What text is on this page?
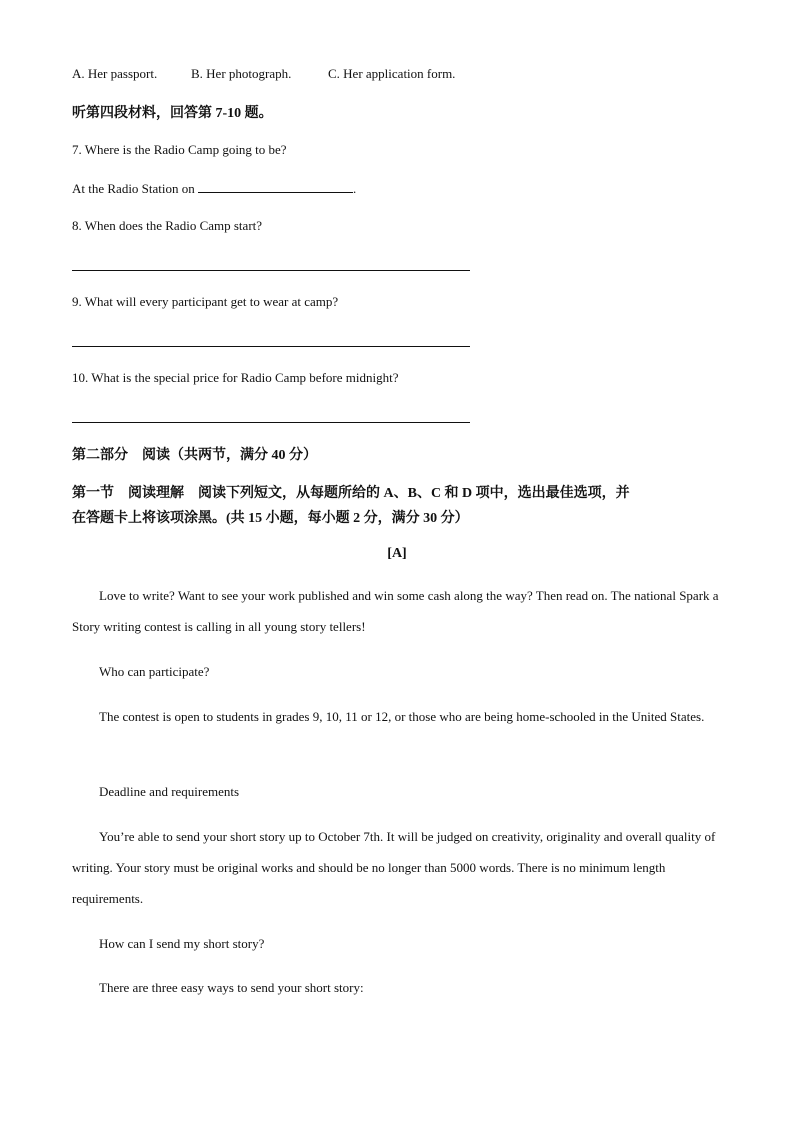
A. Her passport.	B. Her photograph.	C. Her application form.
听第四段材料，回答第 7-10 题。
7. Where is the Radio Camp going to be?
At the Radio Station on	.
8. When does the Radio Camp start?
9. What will every participant get to wear at camp?
10. What is the special price for Radio Camp before midnight?
第二部分　阅读（共两节，满分 40 分）
第一节　阅读理解　阅读下列短文，从每题所给的 A、B、C 和 D 项中，选出最佳选项，并
在答题卡上将该项涂黑。(共 15 小题，每小题 2 分，满分 30 分）
[A]

Love to write? Want to see your work published and win some cash along the way? Then read on. The national Spark a Story writing contest is calling in all young story tellers!

Who can participate?

The contest is open to students in grades 9, 10, 11 or 12, or those who are being home-schooled in the United States.

Deadline and requirements

You’re able to send your short story up to October 7th. It will be judged on creativity, originality and overall quality of writing. Your story must be original works and should be no longer than 5000 words. There is no minimum length requirements.

How can I send my short story?

There are three easy ways to send your short story:
